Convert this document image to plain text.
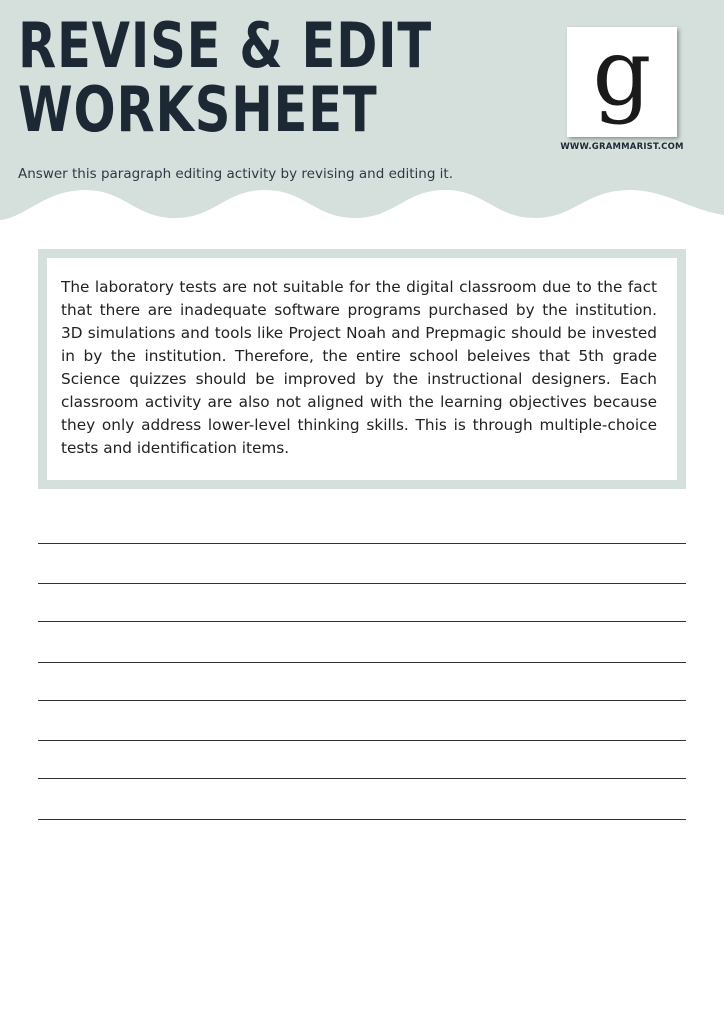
REVISE & EDIT
WORKSHEET	g
WWW.GRAMMARIST.COM
Answer this paragraph editing activity by revising and editing it.

The laboratory tests are not suitable for the digital classroom due to the fact that there are inadequate software programs purchased by the institution. 3D simulations and tools like Project Noah and Prepmagic should be invested in by the institution. Therefore, the entire school beleives that 5th grade Science quizzes should be improved by the instructional designers. Each classroom activity are also not aligned with the learning objectives because they only address lower-level thinking skills. This is through multiple-choice tests and identification items.
